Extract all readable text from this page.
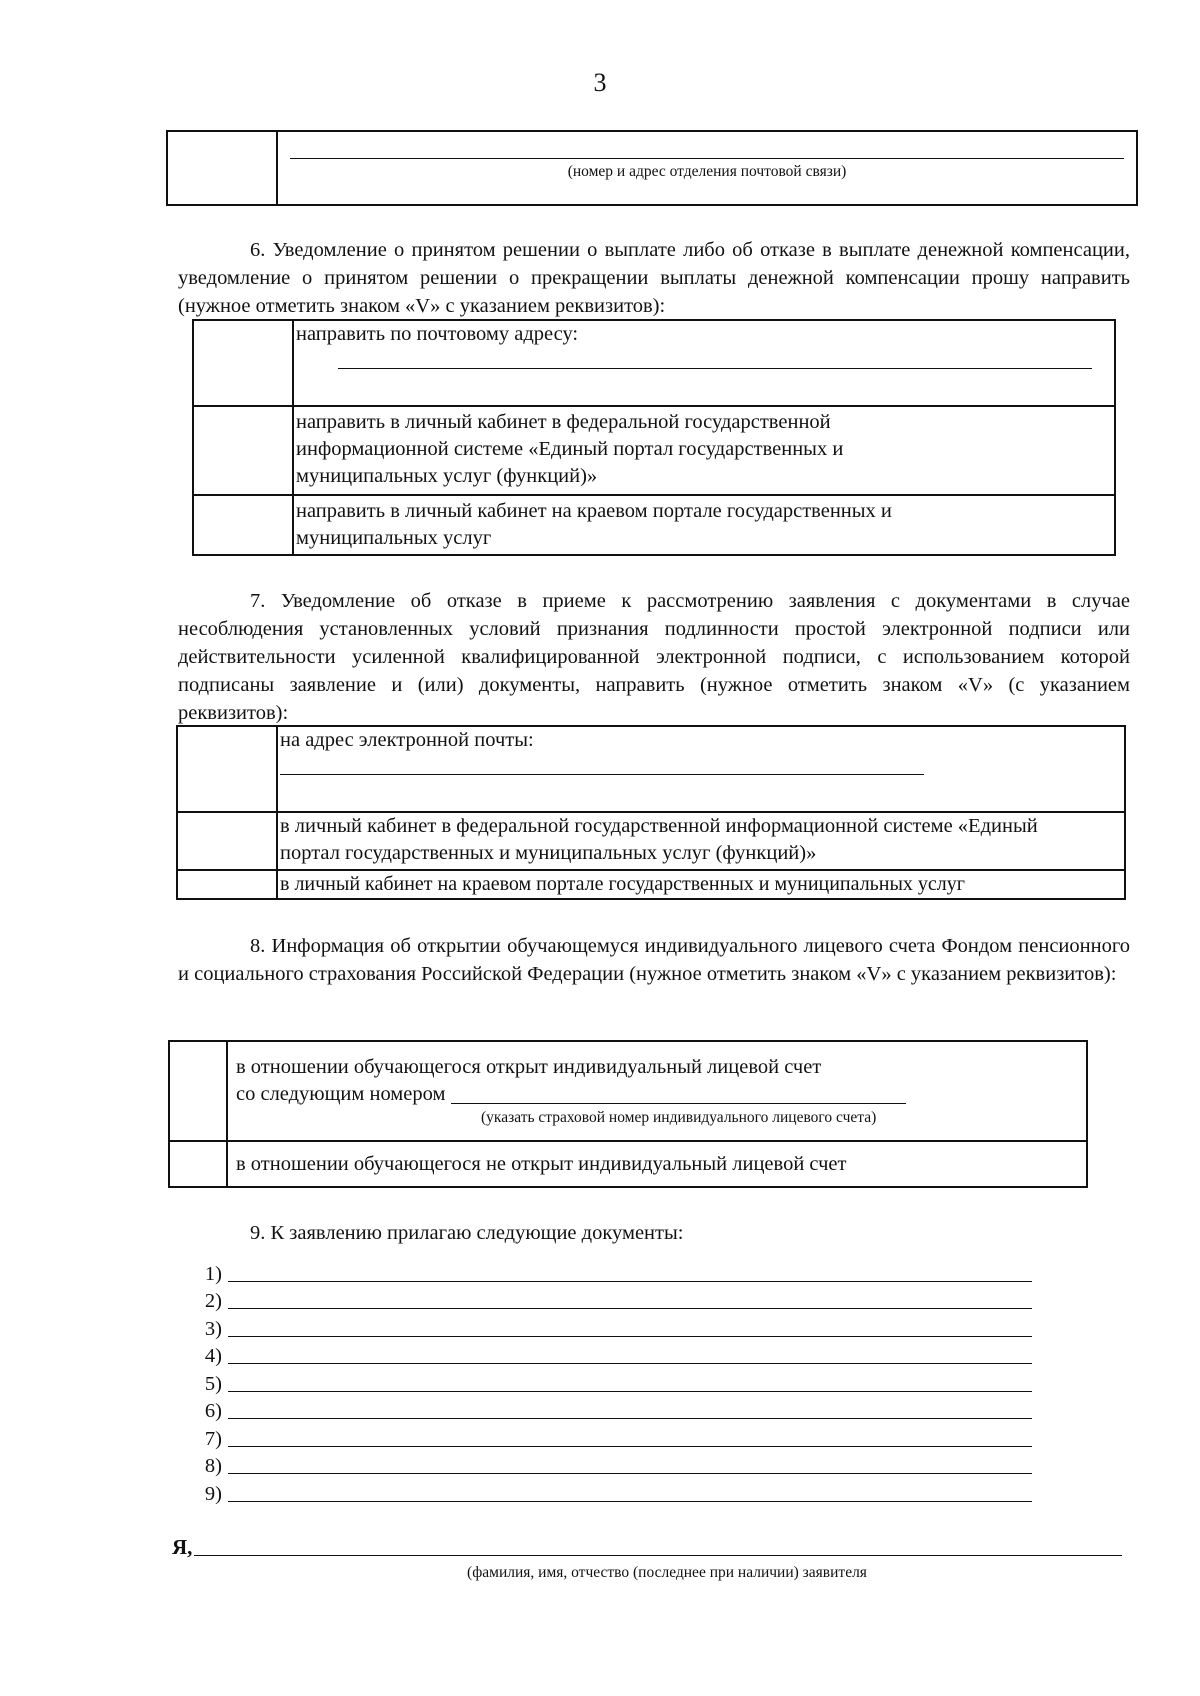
3

(номер и адрес отделения почтовой связи)

6. Уведомление о принятом решении о выплате либо об отказе в выплате денежной компенсации, уведомление о принятом решении о прекращении выплаты денежной компенсации прошу направить (нужное отметить знаком «V» с указанием реквизитов):

	направить по почтовому адресу:

	направить в личный кабинет в федеральной государственной информационной системе «Единый портал государственных и муниципальных услуг (функций)»
	направить в личный кабинет на краевом портале государственных и муниципальных услуг

7. Уведомление об отказе в приеме к рассмотрению заявления с документами в случае несоблюдения установленных условий признания подлинности простой электронной подписи или действительности усиленной квалифицированной электронной подписи, с использованием которой подписаны заявление и (или) документы, направить (нужное отметить знаком «V» (с указанием реквизитов):

	на адрес электронной почты:

	в личный кабинет в федеральной государственной информационной системе «Единый портал государственных и муниципальных услуг (функций)»
	в личный кабинет на краевом портале государственных и муниципальных услуг

8. Информация об открытии обучающемуся индивидуального лицевого счета Фондом пенсионного и социального страхования Российской Федерации (нужное отметить знаком «V» с указанием реквизитов):

	в отношении обучающегося открыт индивидуальный лицевой счет
со следующим номером
(указать страховой номер индивидуального лицевого счета)

	в отношении обучающегося не открыт индивидуальный лицевой счет
9. К заявлению прилагаю следующие документы:
1)
2)
3)
4)
5)
6)
7)
8)
9)
Я,
(фамилия, имя, отчество (последнее при наличии) заявителя
